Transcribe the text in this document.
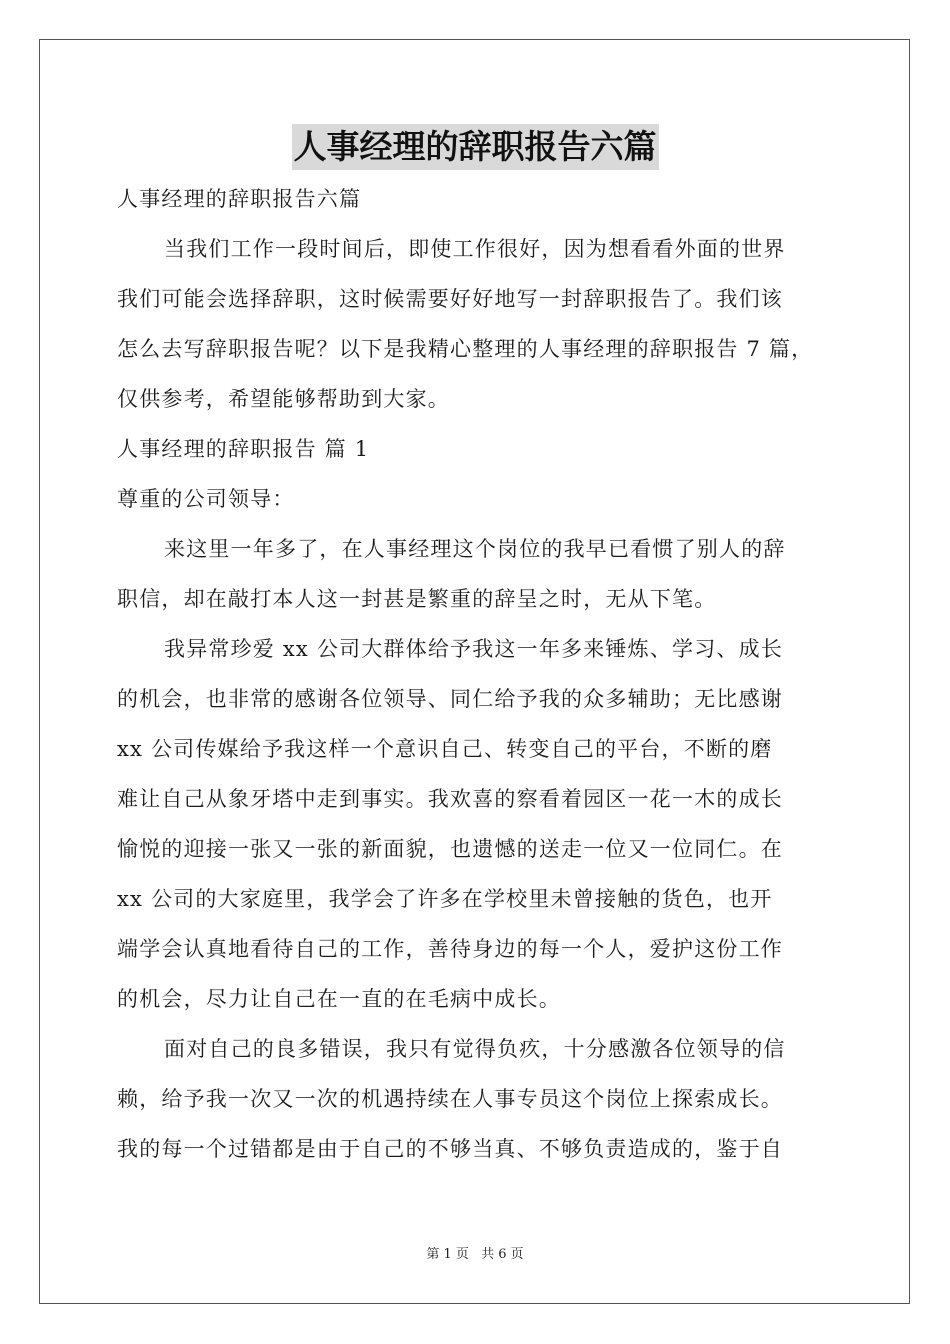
人事经理的辞职报告六篇
人事经理的辞职报告六篇
当我们工作一段时间后，即使工作很好，因为想看看外面的世界
我们可能会选择辞职，这时候需要好好地写一封辞职报告了。我们该
怎么去写辞职报告呢？以下是我精心整理的人事经理的辞职报告 7 篇，
仅供参考，希望能够帮助到大家。
人事经理的辞职报告 篇 1
尊重的公司领导：
来这里一年多了，在人事经理这个岗位的我早已看惯了别人的辞
职信，却在敲打本人这一封甚是繁重的辞呈之时，无从下笔。
我异常珍爱 xx 公司大群体给予我这一年多来锤炼、学习、成长
的机会，也非常的感谢各位领导、同仁给予我的众多辅助；无比感谢
xx 公司传媒给予我这样一个意识自己、转变自己的平台，不断的磨
难让自己从象牙塔中走到事实。我欢喜的察看着园区一花一木的成长
愉悦的迎接一张又一张的新面貌，也遗憾的送走一位又一位同仁。在
xx 公司的大家庭里，我学会了许多在学校里未曾接触的货色，也开
端学会认真地看待自己的工作，善待身边的每一个人，爱护这份工作
的机会，尽力让自己在一直的在毛病中成长。
面对自己的良多错误，我只有觉得负疚，十分感激各位领导的信
赖，给予我一次又一次的机遇持续在人事专员这个岗位上探索成长。
我的每一个过错都是由于自己的不够当真、不够负责造成的，鉴于自
第 1 页 共 6 页
